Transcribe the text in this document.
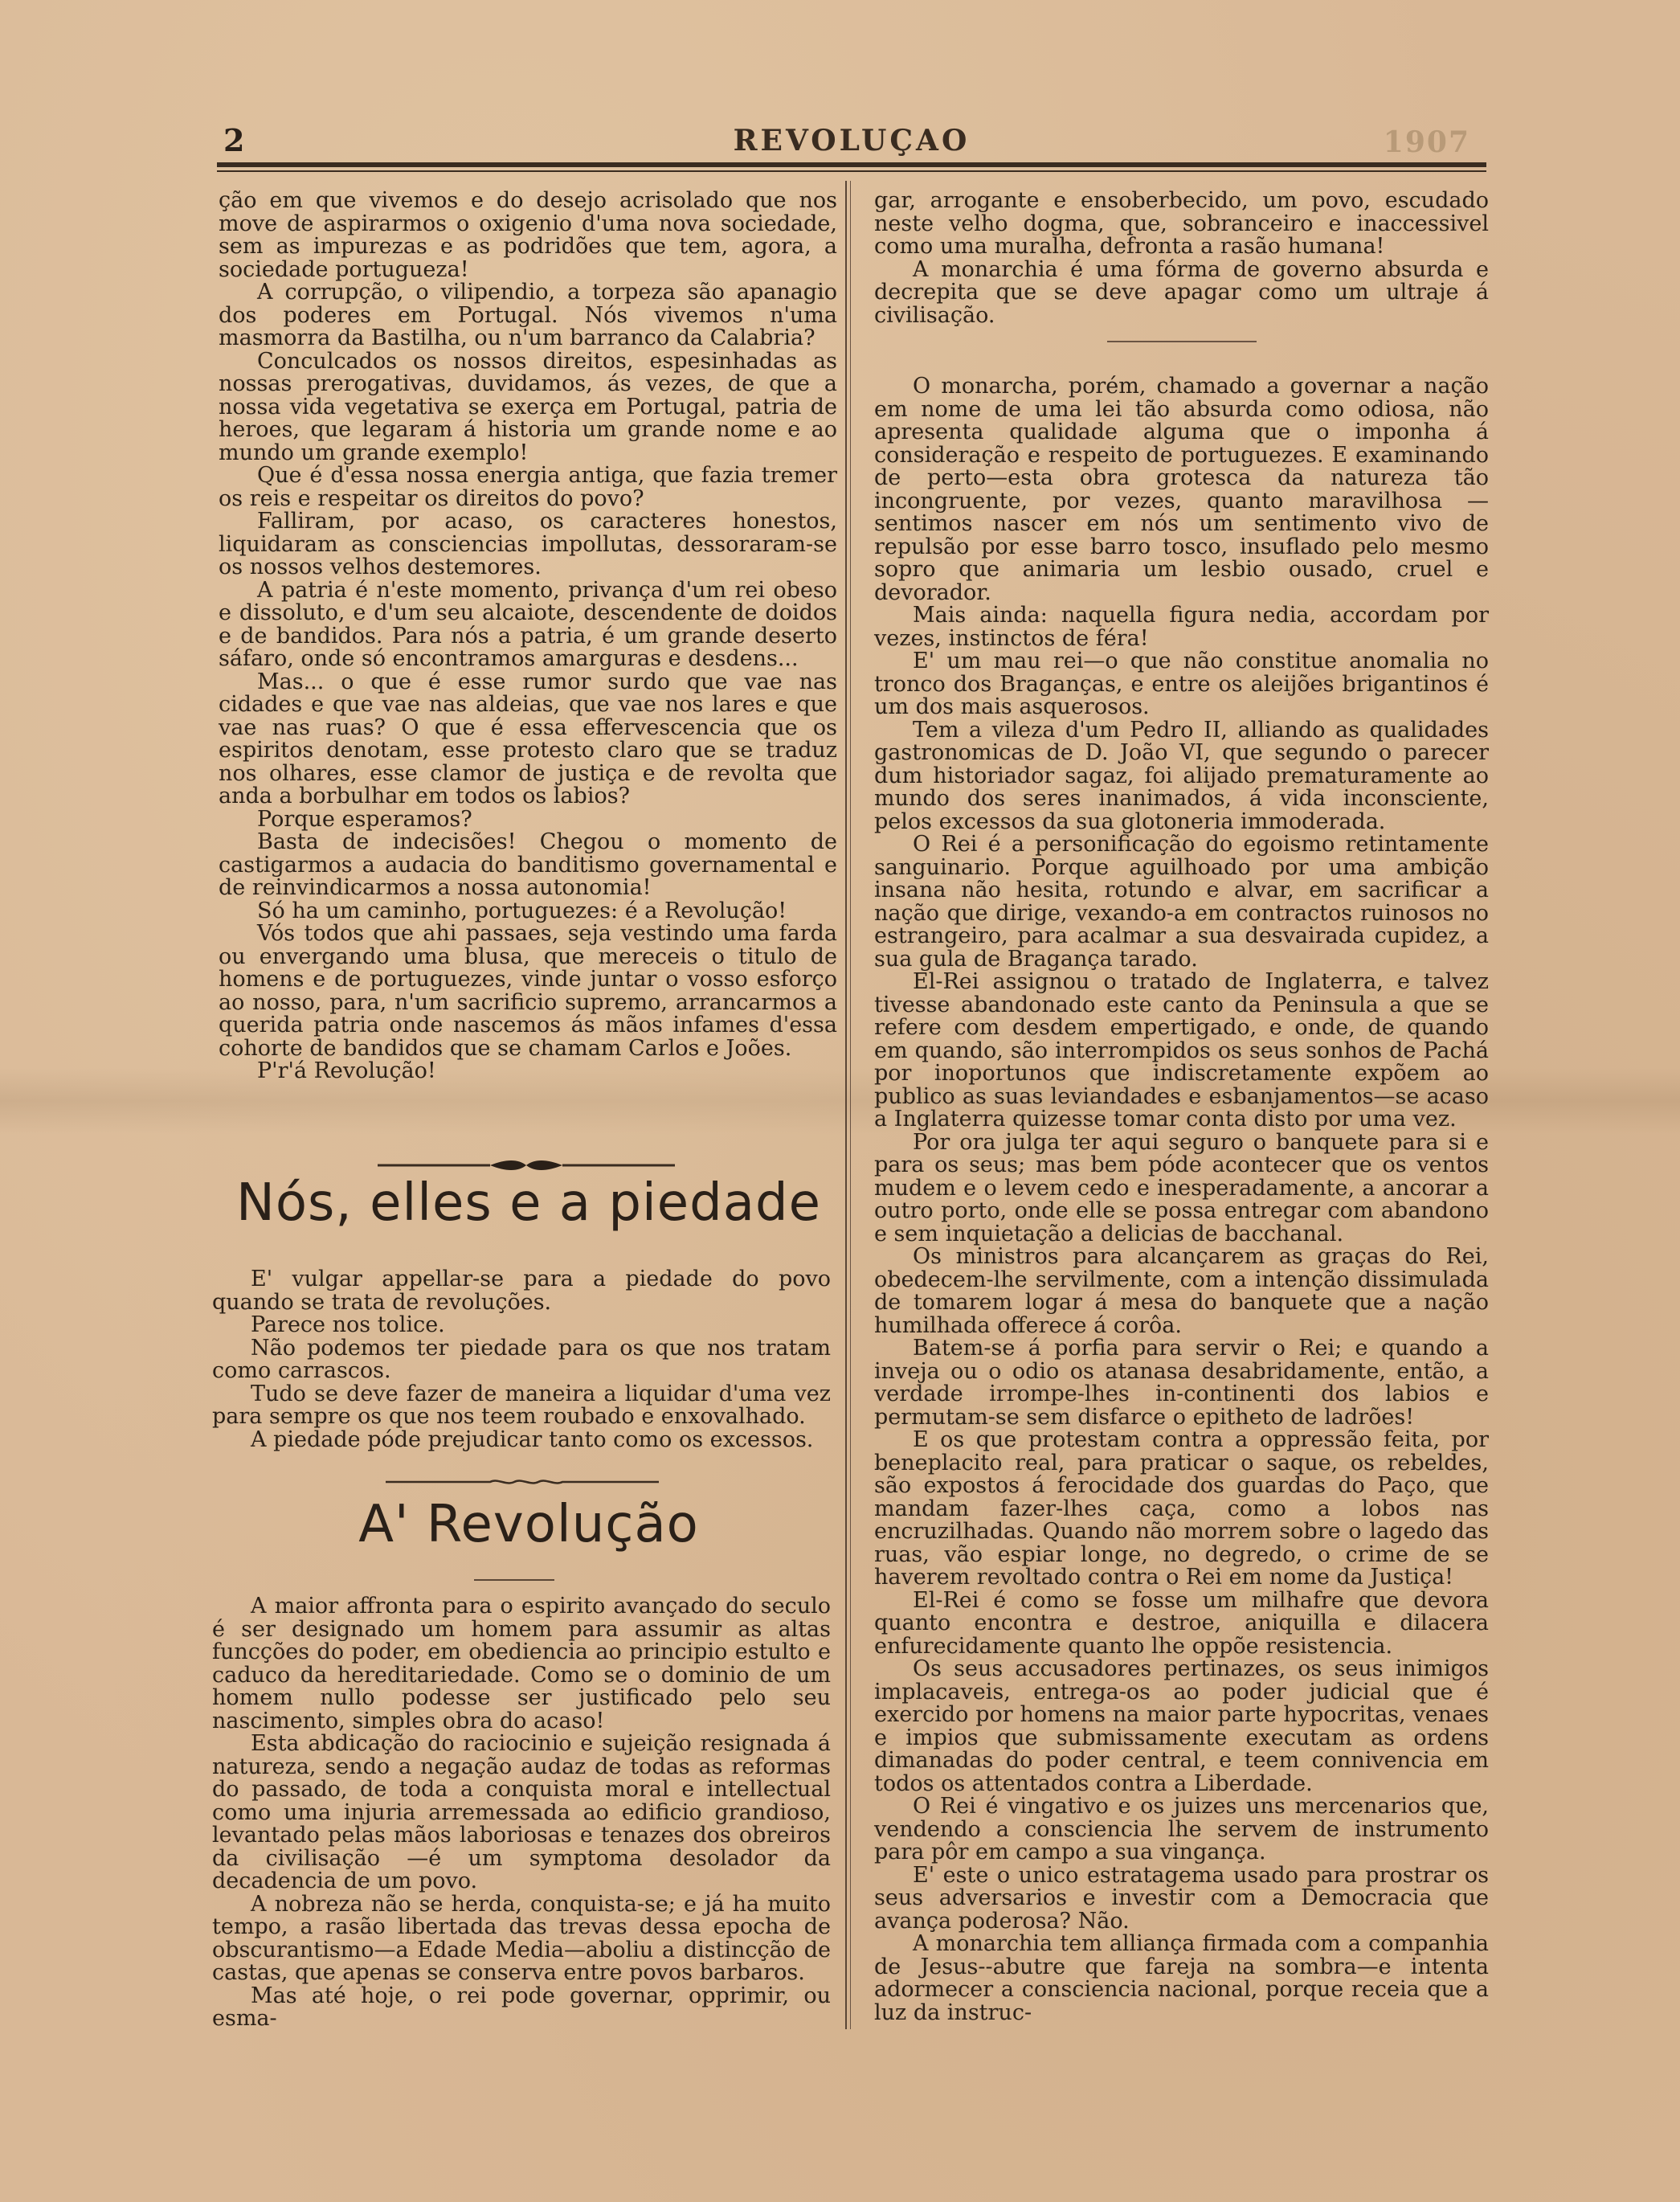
2	REVOLUÇAO	1907

ção em que vivemos e do desejo acrisolado que nos move de aspirarmos o oxigenio d'uma nova sociedade, sem as impurezas e as podridões que tem, agora, a sociedade portugueza!

A corrupção, o vilipendio, a torpeza são apanagio dos poderes em Portugal. Nós vivemos n'uma masmorra da Bastilha, ou n'um barranco da Calabria?

Conculcados os nossos direitos, espesinhadas as nossas prerogativas, duvidamos, ás vezes, de que a nossa vida vegetativa se exerça em Portugal, patria de heroes, que legaram á historia um grande nome e ao mundo um grande exemplo!

Que é d'essa nossa energia antiga, que fazia tremer os reis e respeitar os direitos do povo?

Falliram, por acaso, os caracteres honestos, liquidaram as consciencias impollutas, dessoraram-se os nossos velhos destemores.

A patria é n'este momento, privança d'um rei obeso e dissoluto, e d'um seu alcaiote, descendente de doidos e de bandidos. Para nós a patria, é um grande deserto sáfaro, onde só encontramos amarguras e desdens...

Mas... o que é esse rumor surdo que vae nas cidades e que vae nas aldeias, que vae nos lares e que vae nas ruas? O que é essa effervescencia que os espiritos denotam, esse protesto claro que se traduz nos olhares, esse clamor de justiça e de revolta que anda a borbulhar em todos os labios?

Porque esperamos?

Basta de indecisões! Chegou o momento de castigarmos a audacia do banditismo governamental e de reinvindicarmos a nossa autonomia!

Só ha um caminho, portuguezes: é a Revolução!

Vós todos que ahi passaes, seja vestindo uma farda ou envergando uma blusa, que mereceis o titulo de homens e de portuguezes, vinde juntar o vosso esforço ao nosso, para, n'um sacrificio supremo, arrancarmos a querida patria onde nascemos ás mãos infames d'essa cohorte de bandidos que se chamam Carlos e Joões.

P'r'á Revolução!

Nós, elles e a piedade

E' vulgar appellar-se para a piedade do povo quando se trata de revoluções.

Parece nos tolice.

Não podemos ter piedade para os que nos tratam como carrascos.

Tudo se deve fazer de maneira a liquidar d'uma vez para sempre os que nos teem roubado e enxovalhado.

A piedade póde prejudicar tanto como os excessos.

A' Revolução

A maior affronta para o espirito avançado do seculo é ser designado um homem para assumir as altas funcções do poder, em obediencia ao principio estulto e caduco da hereditariedade. Como se o dominio de um homem nullo podesse ser justificado pelo seu nascimento, simples obra do acaso!

Esta abdicação do raciocinio e sujeição resignada á natureza, sendo a negação audaz de todas as reformas do passado, de toda a conquista moral e intellectual como uma injuria arremessada ao edificio grandioso, levantado pelas mãos laboriosas e tenazes dos obreiros da civilisação —é um symptoma desolador da decadencia de um povo.

A nobreza não se herda, conquista-se; e já ha muito tempo, a rasão libertada das trevas dessa epocha de obscurantismo—a Edade Media—aboliu a distincção de castas, que apenas se conserva entre povos barbaros.

Mas até hoje, o rei pode governar, opprimir, ou esma-

gar, arrogante e ensoberbecido, um povo, escudado neste velho dogma, que, sobranceiro e inaccessivel como uma muralha, defronta a rasão humana!

A monarchia é uma fórma de governo absurda e decrepita que se deve apagar como um ultraje á civilisação.

O monarcha, porém, chamado a governar a nação em nome de uma lei tão absurda como odiosa, não apresenta qualidade alguma que o imponha á consideração e respeito de portuguezes. E examinando de perto—esta obra grotesca da natureza tão incongruente, por vezes, quanto maravilhosa — sentimos nascer em nós um sentimento vivo de repulsão por esse barro tosco, insuflado pelo mesmo sopro que animaria um lesbio ousado, cruel e devorador.

Mais ainda: naquella figura nedia, accordam por vezes, instinctos de féra!

E' um mau rei—o que não constitue anomalia no tronco dos Braganças, e entre os aleijões brigantinos é um dos mais asquerosos.

Tem a vileza d'um Pedro II, alliando as qualidades gastronomicas de D. João VI, que segundo o parecer dum historiador sagaz, foi alijado prematuramente ao mundo dos seres inanimados, á vida inconsciente, pelos excessos da sua glotoneria immoderada.

O Rei é a personificação do egoismo retintamente sanguinario. Porque aguilhoado por uma ambição insana não hesita, rotundo e alvar, em sacrificar a nação que dirige, vexando-a em contractos ruinosos no estrangeiro, para acalmar a sua desvairada cupidez, a sua gula de Bragança tarado.

El-Rei assignou o tratado de Inglaterra, e talvez tivesse abandonado este canto da Peninsula a que se refere com desdem empertigado, e onde, de quando em quando, são interrompidos os seus sonhos de Pachá por inoportunos que indiscretamente expõem ao publico as suas leviandades e esbanjamentos—se acaso a Inglaterra quizesse tomar conta disto por uma vez.

Por ora julga ter aqui seguro o banquete para si e para os seus; mas bem póde acontecer que os ventos mudem e o levem cedo e inesperadamente, a ancorar a outro porto, onde elle se possa entregar com abandono e sem inquietação a delicias de bacchanal.

Os ministros para alcançarem as graças do Rei, obedecem-lhe servilmente, com a intenção dissimulada de tomarem logar á mesa do banquete que a nação humilhada offerece á corôa.

Batem-se á porfia para servir o Rei; e quando a inveja ou o odio os atanasa desabridamente, então, a verdade irrompe-lhes in-continenti dos labios e permutam-se sem disfarce o epitheto de ladrões!

E os que protestam contra a oppressão feita, por beneplacito real, para praticar o saque, os rebeldes, são expostos á ferocidade dos guardas do Paço, que mandam fazer-lhes caça, como a lobos nas encruzilhadas. Quando não morrem sobre o lagedo das ruas, vão espiar longe, no degredo, o crime de se haverem revoltado contra o Rei em nome da Justiça!

El-Rei é como se fosse um milhafre que devora quanto encontra e destroe, aniquilla e dilacera enfurecidamente quanto lhe oppõe resistencia.

Os seus accusadores pertinazes, os seus inimigos implacaveis, entrega-os ao poder judicial que é exercido por homens na maior parte hypocritas, venaes e impios que submissamente executam as ordens dimanadas do poder central, e teem connivencia em todos os attentados contra a Liberdade.

O Rei é vingativo e os juizes uns mercenarios que, vendendo a consciencia lhe servem de instrumento para pôr em campo a sua vingança.

E' este o unico estratagema usado para prostrar os seus adversarios e investir com a Democracia que avança poderosa? Não.

A monarchia tem alliança firmada com a companhia de Jesus--abutre que fareja na sombra—e intenta adormecer a consciencia nacional, porque receia que a luz da instruc-
